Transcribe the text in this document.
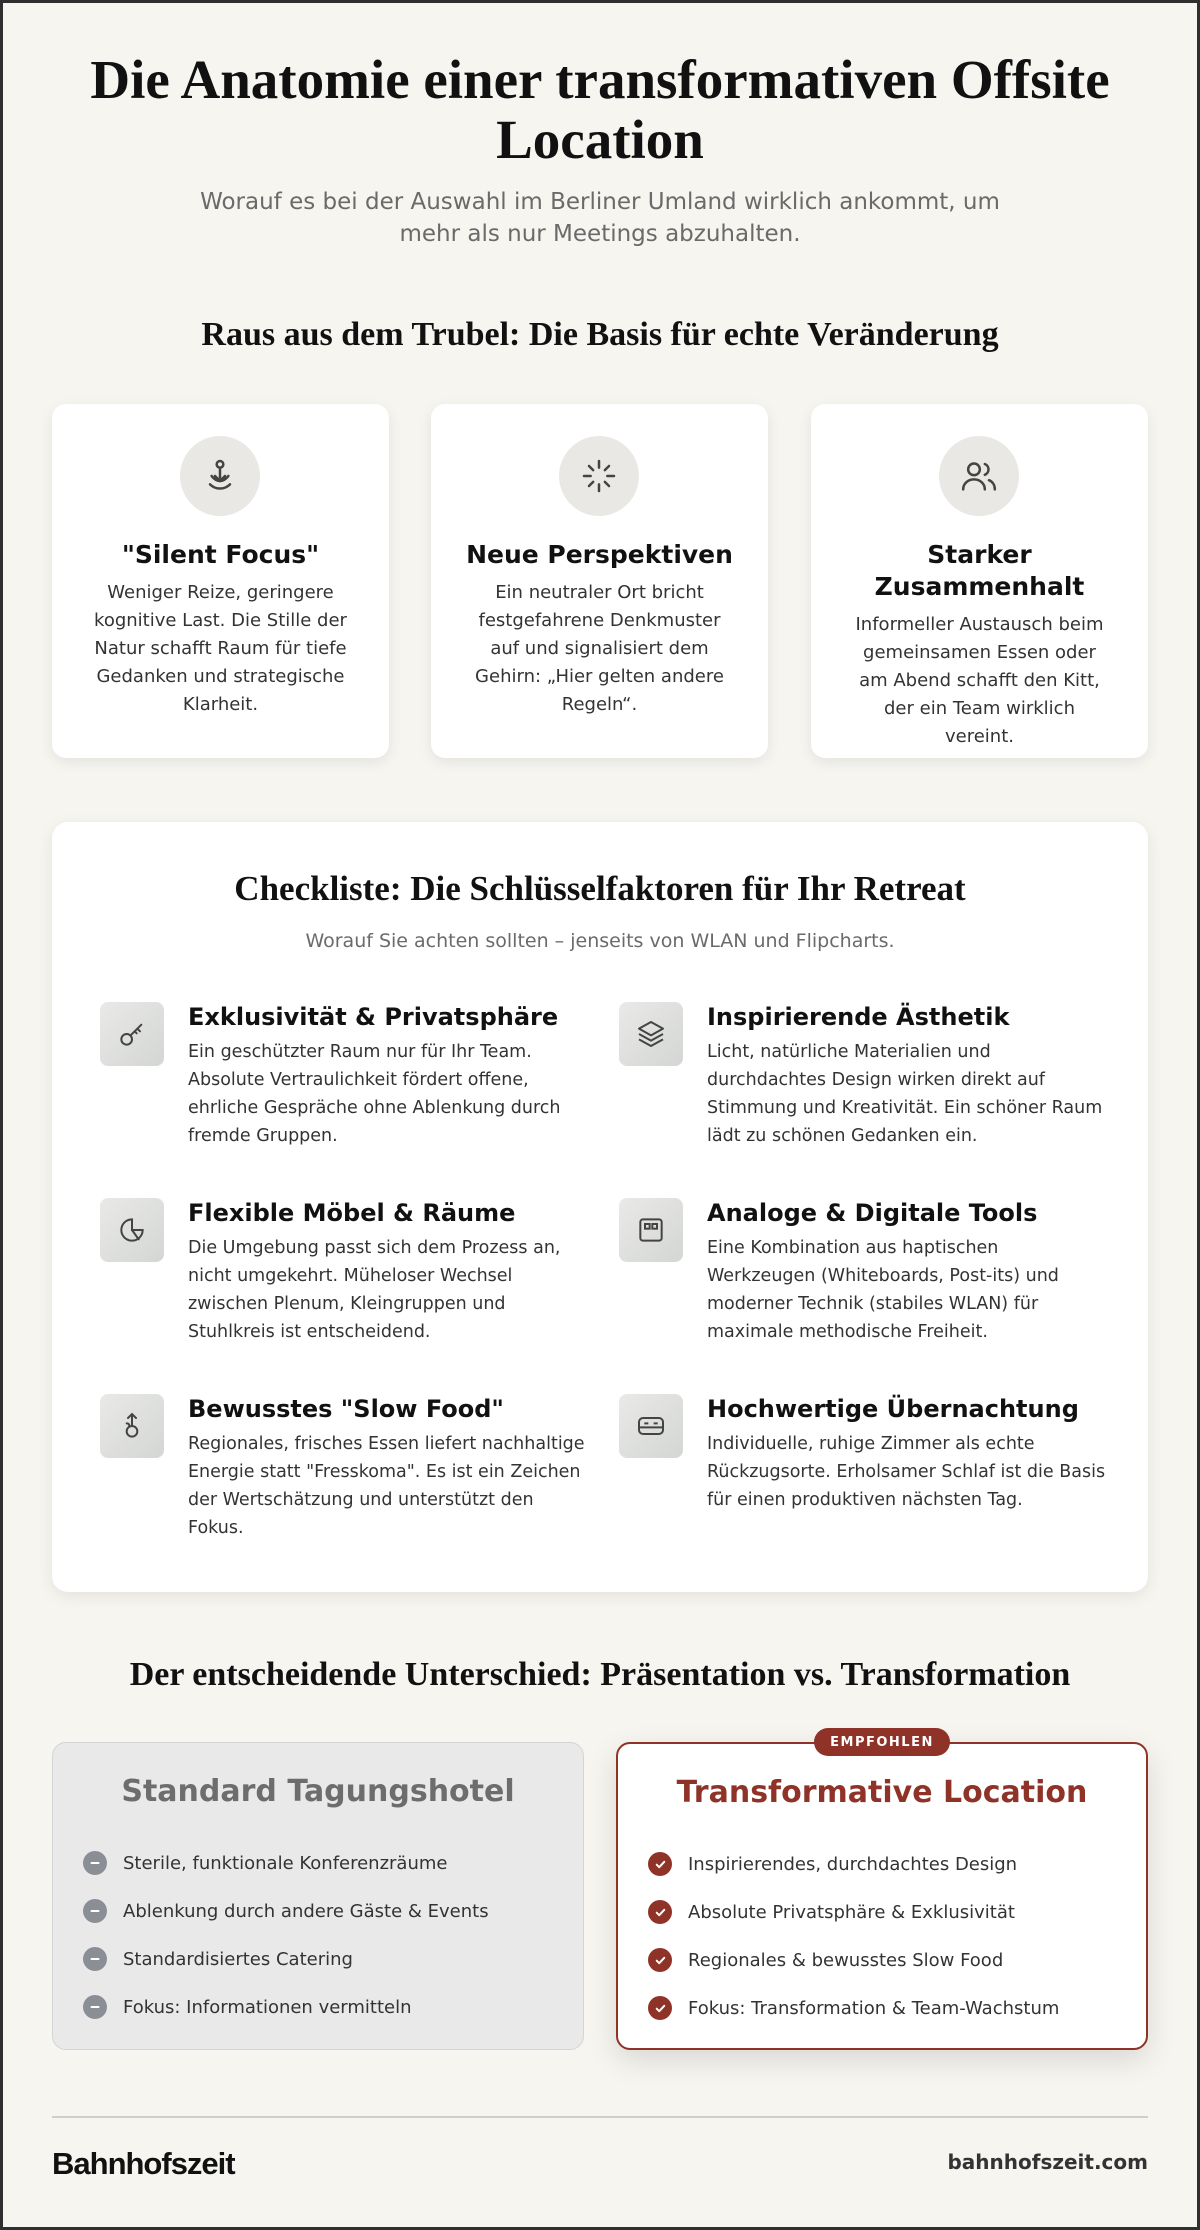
Die Anatomie einer transformativen Offsite Location

Worauf es bei der Auswahl im Berliner Umland wirklich ankommt, um mehr als nur Meetings abzuhalten.

Raus aus dem Trubel: Die Basis für echte Veränderung
"Silent Focus"

Weniger Reize, geringere kognitive Last. Die Stille der Natur schafft Raum für tiefe Gedanken und strategische Klarheit.

Neue Perspektiven

Ein neutraler Ort bricht festgefahrene Denkmuster auf und signalisiert dem Gehirn: „Hier gelten andere Regeln“.

Starker Zusammenhalt

Informeller Austausch beim gemeinsamen Essen oder am Abend schafft den Kitt, der ein Team wirklich vereint.

Checkliste: Die Schlüsselfaktoren für Ihr Retreat

Worauf Sie achten sollten – jenseits von WLAN und Flipcharts.

Exklusivität & Privatsphäre

Ein geschützter Raum nur für Ihr Team. Absolute Vertraulichkeit fördert offene, ehrliche Gespräche ohne Ablenkung durch fremde Gruppen.

Inspirierende Ästhetik

Licht, natürliche Materialien und durchdachtes Design wirken direkt auf Stimmung und Kreativität. Ein schöner Raum lädt zu schönen Gedanken ein.

Flexible Möbel & Räume

Die Umgebung passt sich dem Prozess an, nicht umgekehrt. Müheloser Wechsel zwischen Plenum, Kleingruppen und Stuhlkreis ist entscheidend.

Analoge & Digitale Tools

Eine Kombination aus haptischen Werkzeugen (Whiteboards, Post-its) und moderner Technik (stabiles WLAN) für maximale methodische Freiheit.

Bewusstes "Slow Food"

Regionales, frisches Essen liefert nachhaltige Energie statt "Fresskoma". Es ist ein Zeichen der Wertschätzung und unterstützt den Fokus.

Hochwertige Übernachtung

Individuelle, ruhige Zimmer als echte Rückzugsorte. Erholsamer Schlaf ist die Basis für einen produktiven nächsten Tag.

Der entscheidende Unterschied: Präsentation vs. Transformation
Standard Tagungshotel
Sterile, funktionale Konferenzräume
Ablenkung durch andere Gäste & Events
Standardisiertes Catering
Fokus: Informationen vermitteln
EMPFOHLEN
Transformative Location
Inspirierendes, durchdachtes Design
Absolute Privatsphäre & Exklusivität
Regionales & bewusstes Slow Food
Fokus: Transformation & Team-Wachstum
Bahnhofszeit	bahnhofszeit.com
